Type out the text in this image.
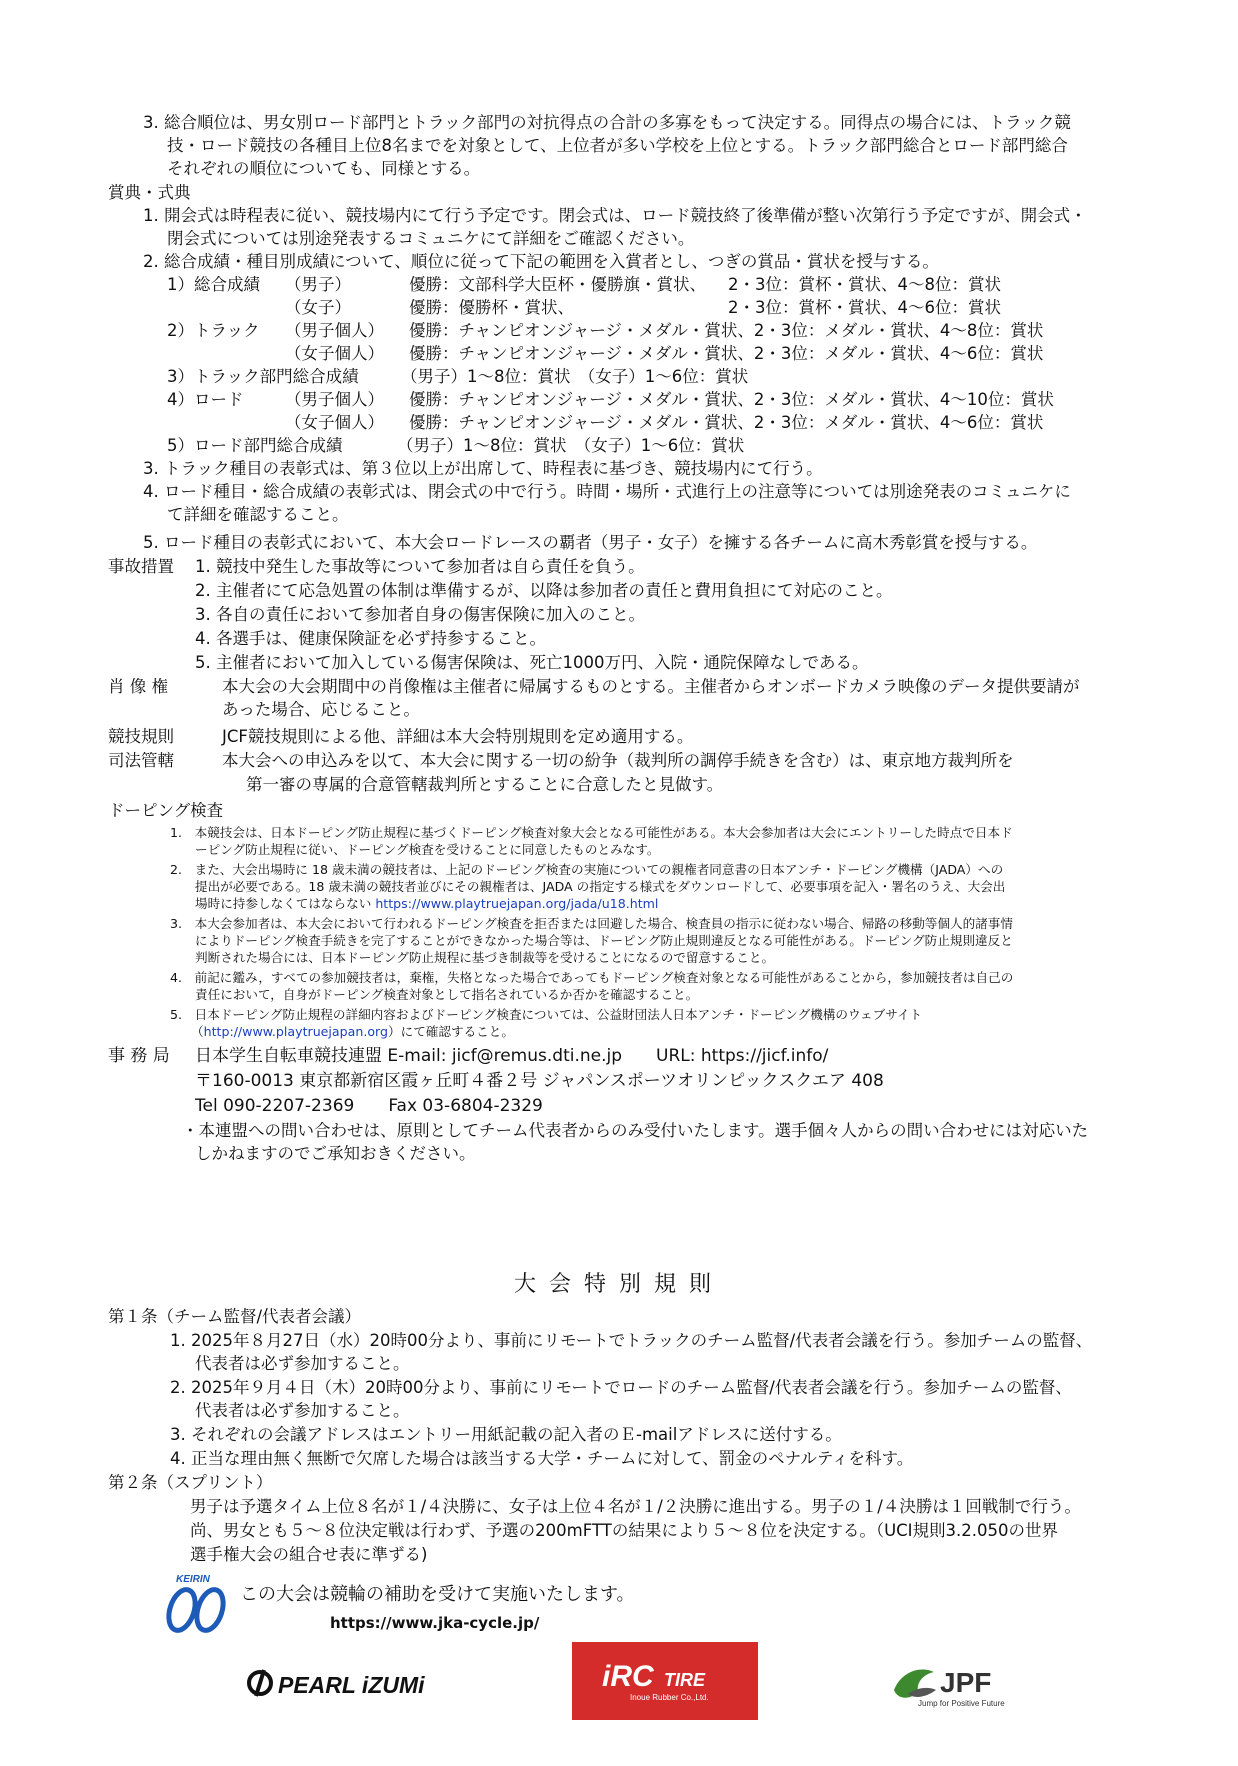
3. 総合順位は、男女別ロード部門とトラック部門の対抗得点の合計の多寡をもって決定する。同得点の場合には、トラック競
技・ロード競技の各種目上位8名までを対象として、上位者が多い学校を上位とする。トラック部門総合とロード部門総合
それぞれの順位についても、同様とする。
賞典・式典
1. 開会式は時程表に従い、競技場内にて行う予定です。閉会式は、ロード競技終了後準備が整い次第行う予定ですが、開会式・
閉会式については別途発表するコミュニケにて詳細をご確認ください。
2. 総合成績・種目別成績について、順位に従って下記の範囲を入賞者とし、つぎの賞品・賞状を授与する。
1）総合成績 （男子）	優勝：文部科学大臣杯・優勝旗・賞状、 2・3位：賞杯・賞状、4〜8位：賞状
（女子）	優勝：優勝杯・賞状、	2・3位：賞杯・賞状、4〜6位：賞状
2）トラック （男子個人） 優勝：チャンピオンジャージ・メダル・賞状、2・3位：メダル・賞状、4〜8位：賞状
（女子個人） 優勝：チャンピオンジャージ・メダル・賞状、2・3位：メダル・賞状、4〜6位：賞状
3）トラック部門総合成績	（男子）1〜8位：賞状　（女子）1〜6位：賞状
4）ロード	（男子個人） 優勝：チャンピオンジャージ・メダル・賞状、2・3位：メダル・賞状、4〜10位：賞状
（女子個人） 優勝：チャンピオンジャージ・メダル・賞状、2・3位：メダル・賞状、4〜6位：賞状
5）ロード部門総合成績	（男子）1〜8位：賞状　（女子）1〜6位：賞状
3. トラック種目の表彰式は、第３位以上が出席して、時程表に基づき、競技場内にて行う。
4. ロード種目・総合成績の表彰式は、閉会式の中で行う。時間・場所・式進行上の注意等については別途発表のコミュニケに
て詳細を確認すること。
5. ロード種目の表彰式において、本大会ロードレースの覇者（男子・女子）を擁する各チームに高木秀彰賞を授与する。
事故措置 1. 競技中発生した事故等について参加者は自ら責任を負う。
2. 主催者にて応急処置の体制は準備するが、以降は参加者の責任と費用負担にて対応のこと。
3. 各自の責任において参加者自身の傷害保険に加入のこと。
4. 各選手は、健康保険証を必ず持参すること。
5. 主催者において加入している傷害保険は、死亡1000万円、入院・通院保障なしである。
肖 像 権	本大会の大会期間中の肖像権は主催者に帰属するものとする。主催者からオンボードカメラ映像のデータ提供要請が
あった場合、応じること。
競技規則	JCF競技規則による他、詳細は本大会特別規則を定め適用する。
司法管轄	本大会への申込みを以て、本大会に関する一切の紛争（裁判所の調停手続きを含む）は、東京地方裁判所を
第一審の専属的合意管轄裁判所とすることに合意したと見做す。
ドーピング検査
1.　本競技会は、日本ドーピング防止規程に基づくドーピング検査対象大会となる可能性がある。本大会参加者は大会にエントリーした時点で日本ド
ーピング防止規程に従い、ドーピング検査を受けることに同意したものとみなす。
2.　また、大会出場時に 18 歳未満の競技者は、上記のドーピング検査の実施についての親権者同意書の日本アンチ・ドーピング機構（JADA）への
提出が必要である。18 歳未満の競技者並びにその親権者は、JADA の指定する様式をダウンロードして、必要事項を記入・署名のうえ、大会出
場時に持参しなくてはならない https://www.playtruejapan.org/jada/u18.html
3.　本大会参加者は、本大会において行われるドーピング検査を拒否または回避した場合、検査員の指示に従わない場合、帰路の移動等個人的諸事情
によりドーピング検査手続きを完了することができなかった場合等は、ドーピング防止規則違反となる可能性がある。ドーピング防止規則違反と
判断された場合には、日本ドーピング防止規程に基づき制裁等を受けることになるので留意すること。
4.　前記に鑑み，すべての参加競技者は，棄権，失格となった場合であってもドーピング検査対象となる可能性があることから，参加競技者は自己の
責任において，自身がドーピング検査対象として指名されているか否かを確認すること。
5.　日本ドーピング防止規程の詳細内容およびドーピング検査については、公益財団法人日本アンチ・ドーピング機構のウェブサイト
（http://www.playtruejapan.org）にて確認すること。
事 務 局 日本学生自転車競技連盟 E-mail: jicf@remus.dti.ne.jp　　URL: https://jicf.info/
〒160-0013 東京都新宿区霞ヶ丘町４番２号 ジャパンスポーツオリンピックスクエア 408
Tel 090-2207-2369　　Fax 03-6804-2329
・本連盟への問い合わせは、原則としてチーム代表者からのみ受付いたします。選手個々人からの問い合わせには対応いた
しかねますのでご承知おきください。
大会特別規則
第１条（チーム監督/代表者会議）
1. 2025年８月27日（水）20時00分より、事前にリモートでトラックのチーム監督/代表者会議を行う。参加チームの監督、
代表者は必ず参加すること。
2. 2025年９月４日（木）20時00分より、事前にリモートでロードのチーム監督/代表者会議を行う。参加チームの監督、
代表者は必ず参加すること。
3. それぞれの会議アドレスはエントリー用紙記載の記入者のＥ-mailアドレスに送付する。
4. 正当な理由無く無断で欠席した場合は該当する大学・チームに対して、罰金のペナルティを科す。
第２条（スプリント）
男子は予選タイム上位８名が１/４決勝に、女子は上位４名が１/２決勝に進出する。男子の１/４決勝は１回戦制で行う。
尚、男女とも５〜８位決定戦は行わず、予選の200mFTTの結果により５〜８位を決定する。（UCI規則3.2.050の世界
選手権大会の組合せ表に準ずる)
KEIRIN
この大会は競輪の補助を受けて実施いたします。
https://www.jka-cycle.jp/
PEARL iZUMi	iRC TIRE
Inoue Rubber Co.,Ltd.	JPF
Jump for Positive Future
